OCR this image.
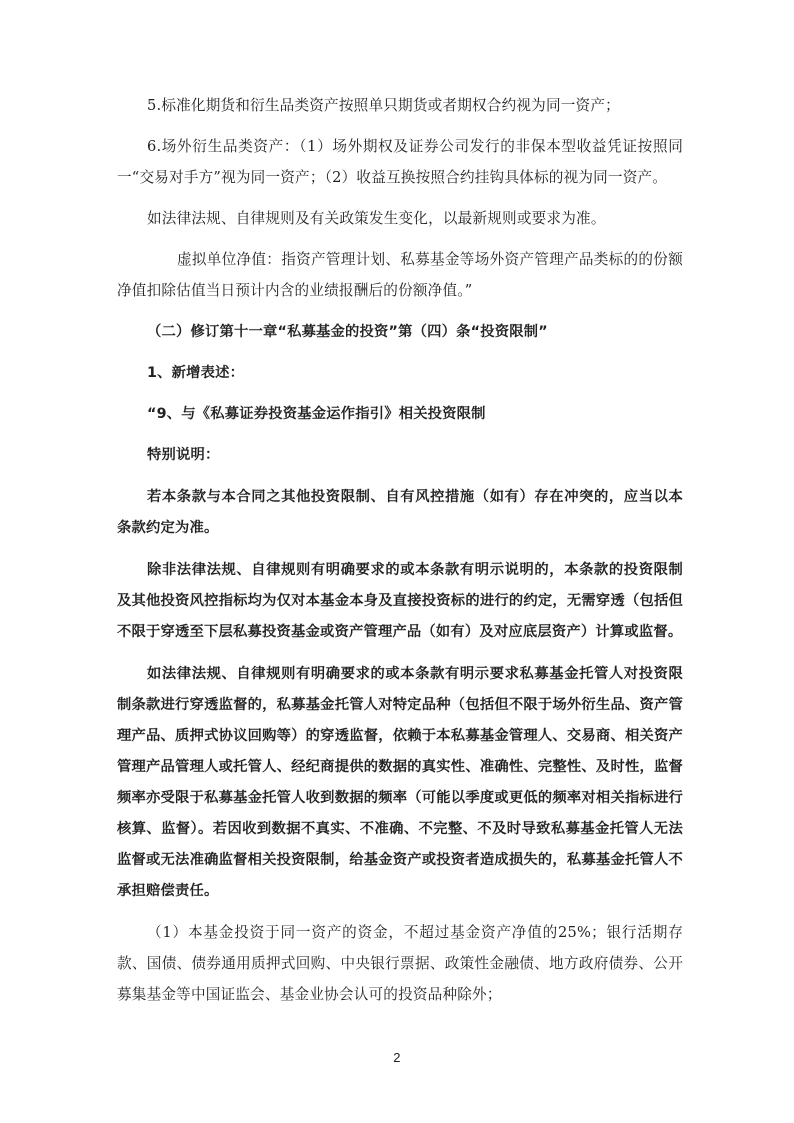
5.标准化期货和衍生品类资产按照单只期货或者期权合约视为同一资产；

6.场外衍生品类资产：（1）场外期权及证券公司发行的非保本型收益凭证按照同一“交易对手方”视为同一资产；（2）收益互换按照合约挂钩具体标的视为同一资产。

如法律法规、自律规则及有关政策发生变化，以最新规则或要求为准。

虚拟单位净值：指资产管理计划、私募基金等场外资产管理产品类标的的份额净值扣除估值当日预计内含的业绩报酬后的份额净值。”

（二）修订第十一章“私募基金的投资”第（四）条“投资限制”

1、新增表述：

“9、与《私募证券投资基金运作指引》相关投资限制

特别说明：

若本条款与本合同之其他投资限制、自有风控措施（如有）存在冲突的，应当以本条款约定为准。

除非法律法规、自律规则有明确要求的或本条款有明示说明的，本条款的投资限制及其他投资风控指标均为仅对本基金本身及直接投资标的进行的约定，无需穿透（包括但不限于穿透至下层私募投资基金或资产管理产品（如有）及对应底层资产）计算或监督。

如法律法规、自律规则有明确要求的或本条款有明示要求私募基金托管人对投资限制条款进行穿透监督的，私募基金托管人对特定品种（包括但不限于场外衍生品、资产管理产品、质押式协议回购等）的穿透监督，依赖于本私募基金管理人、交易商、相关资产管理产品管理人或托管人、经纪商提供的数据的真实性、准确性、完整性、及时性，监督频率亦受限于私募基金托管人收到数据的频率（可能以季度或更低的频率对相关指标进行核算、监督）。若因收到数据不真实、不准确、不完整、不及时导致私募基金托管人无法监督或无法准确监督相关投资限制，给基金资产或投资者造成损失的，私募基金托管人不承担赔偿责任。

（1）本基金投资于同一资产的资金，不超过基金资产净值的25%；银行活期存款、国债、债券通用质押式回购、中央银行票据、政策性金融债、地方政府债券、公开募集基金等中国证监会、基金业协会认可的投资品种除外；

2
